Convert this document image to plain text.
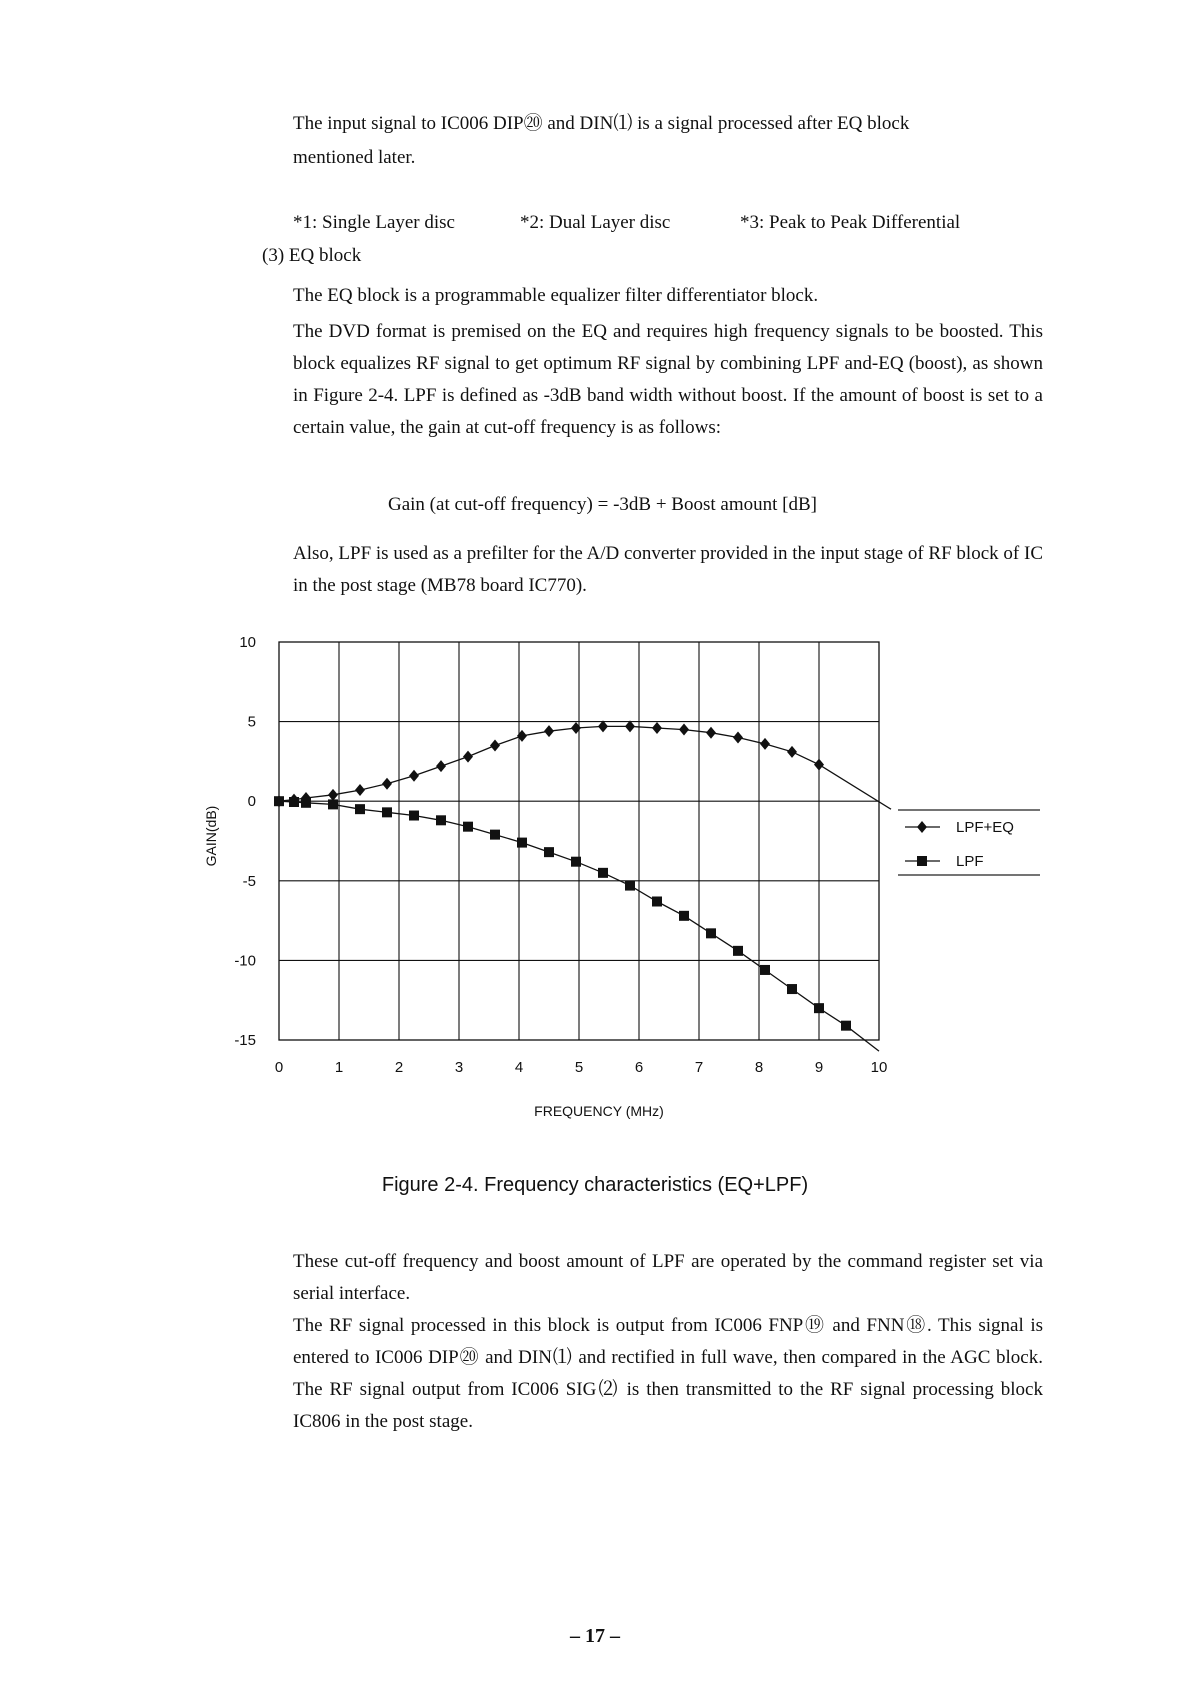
The input signal to IC006 DIP⑳ and DIN⑴ is a signal processed after EQ block
mentioned later.
*1: Single Layer disc	*2: Dual Layer disc	*3: Peak to Peak Differential
(3) EQ block
The EQ block is a programmable equalizer filter differentiator block.

The DVD format is premised on the EQ and requires high frequency signals to be boosted. This block equalizes RF signal to get optimum RF signal by combining LPF and-EQ (boost), as shown in Figure 2-4. LPF is defined as -3dB band width without boost. If the amount of boost is set to a certain value, the gain at cut-off frequency is as follows:

Gain (at cut-off frequency) = -3dB + Boost amount [dB]

Also, LPF is used as a prefilter for the A/D converter provided in the input stage of RF block of IC in the post stage (MB78 board IC770).

0	1	2	3	4	5	6	7	8	9	10
10
5
0
-5
-10
-15
FREQUENCY (MHz)
GAIN(dB)	LPF+EQ
LPF
Figure 2-4. Frequency characteristics (EQ+LPF)

These cut-off frequency and boost amount of LPF are operated by the command register set via serial interface.

The RF signal processed in this block is output from IC006 FNP⑲ and FNN⑱. This signal is entered to IC006 DIP⑳ and DIN⑴ and rectified in full wave, then compared in the AGC block. The RF signal output from IC006 SIG⑵ is then transmitted to the RF signal processing block IC806 in the post stage.

– 17 –
